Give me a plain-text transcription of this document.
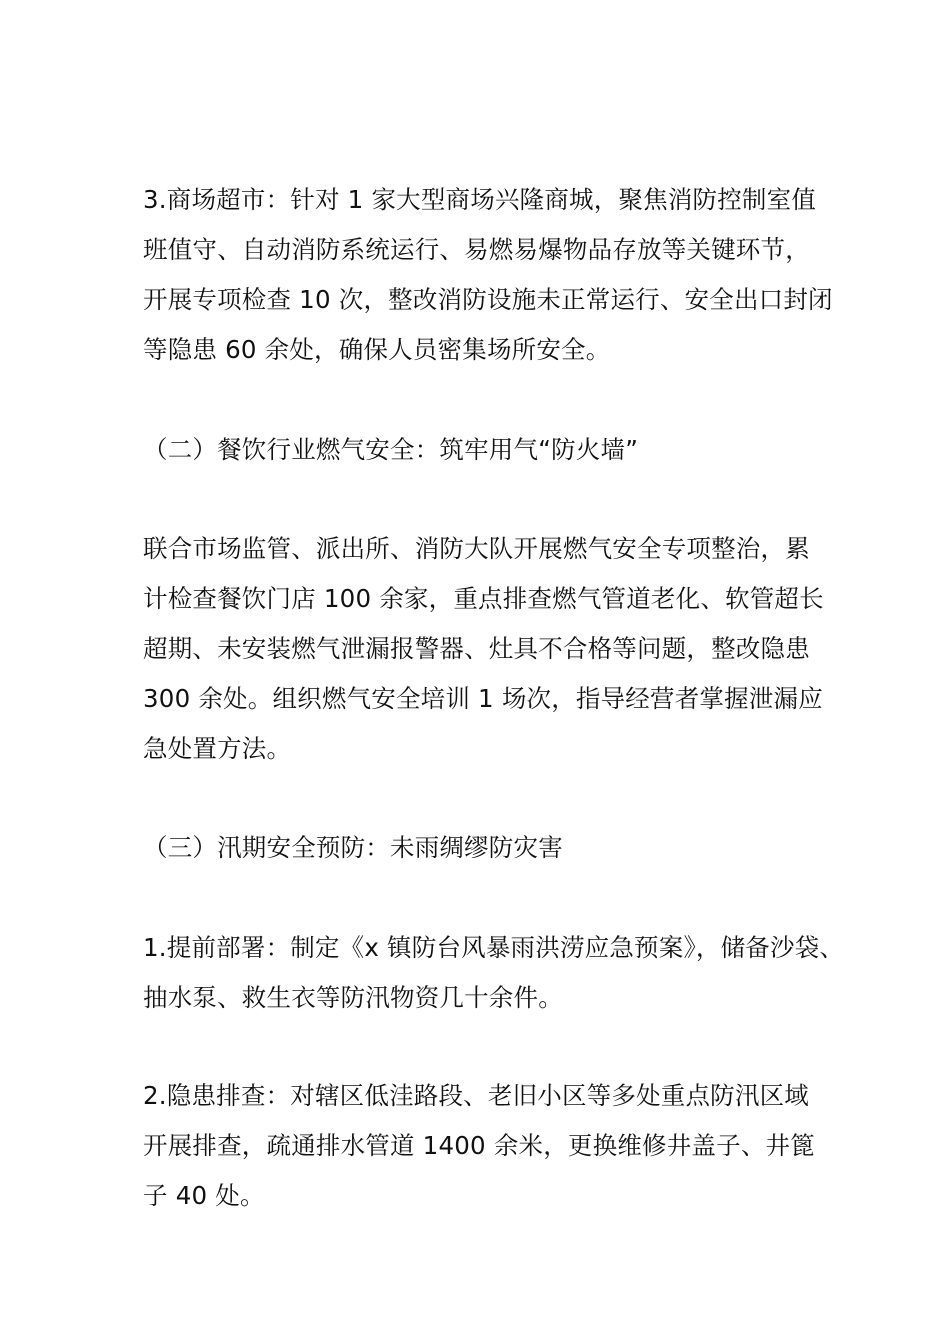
3.商场超市：针对 1 家大型商场兴隆商城，聚焦消防控制室值
班值守、自动消防系统运行、易燃易爆物品存放等关键环节，
开展专项检查 10 次，整改消防设施未正常运行、安全出口封闭
等隐患 60 余处，确保人员密集场所安全。
（二）餐饮行业燃气安全：筑牢用气“防火墙”
联合市场监管、派出所、消防大队开展燃气安全专项整治，累
计检查餐饮门店 100 余家，重点排查燃气管道老化、软管超长
超期、未安装燃气泄漏报警器、灶具不合格等问题，整改隐患
300 余处。组织燃气安全培训 1 场次，指导经营者掌握泄漏应
急处置方法。
（三）汛期安全预防：未雨绸缪防灾害
1.提前部署：制定《x 镇防台风暴雨洪涝应急预案》，储备沙袋、
抽水泵、救生衣等防汛物资几十余件。
2.隐患排查：对辖区低洼路段、老旧小区等多处重点防汛区域
开展排查，疏通排水管道 1400 余米，更换维修井盖子、井篦
子 40 处。
